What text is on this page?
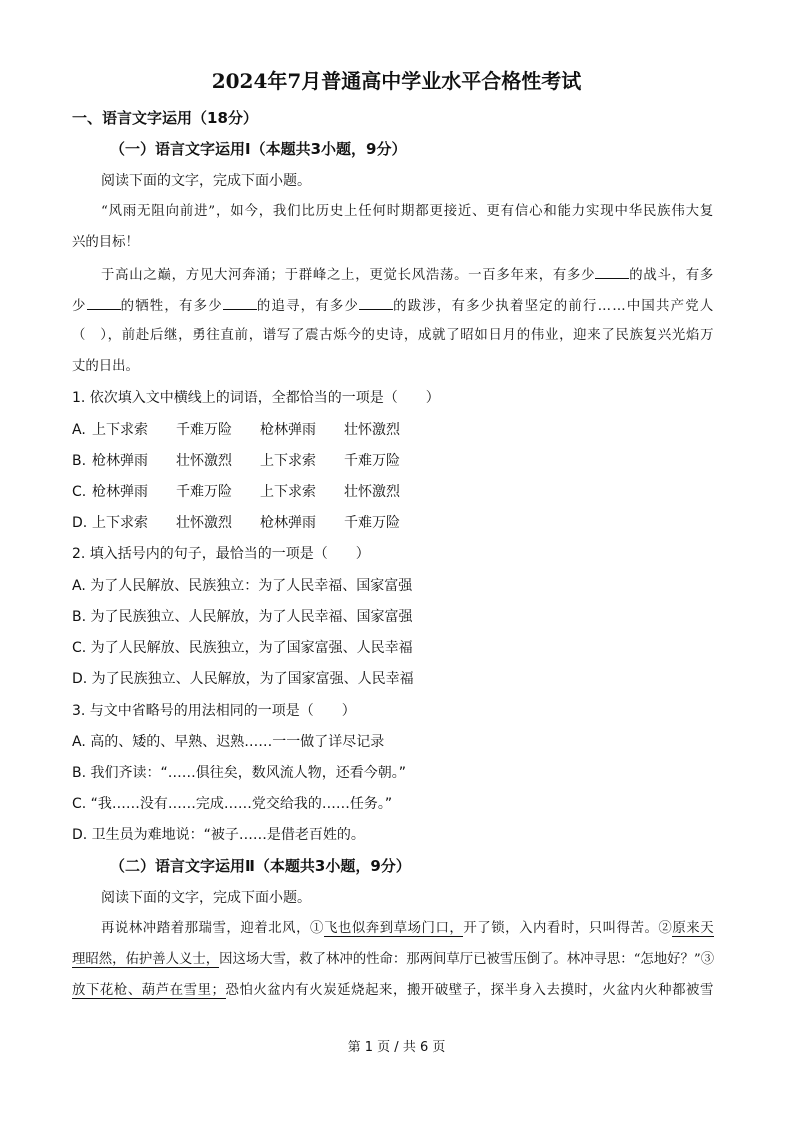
2024年7月普通高中学业水平合格性考试
一、语言文字运用（18分）
（一）语言文字运用Ⅰ（本题共3小题，9分）
阅读下面的文字，完成下面小题。
“风雨无阻向前进”，如今，我们比历史上任何时期都更接近、更有信心和能力实现中华民族伟大复
兴的目标！
于高山之巅，方见大河奔涌；于群峰之上，更觉长风浩荡。一百多年来，有多少	的战斗，有多
少	的牺牲，有多少	的追寻，有多少	的跋涉，有多少执着坚定的前行……中国共产党人
（　），前赴后继，勇往直前，谱写了震古烁今的史诗，成就了昭如日月的伟业，迎来了民族复兴光焰万
丈的日出。
1. 依次填入文中横线上的词语，全都恰当的一项是（　　）
A. 上下求索 千难万险 枪林弹雨 壮怀激烈
B. 枪林弹雨 壮怀激烈 上下求索 千难万险
C. 枪林弹雨 千难万险 上下求索 壮怀激烈
D. 上下求索 壮怀激烈 枪林弹雨 千难万险
2. 填入括号内的句子，最恰当的一项是（　　）
A. 为了人民解放、民族独立：为了人民幸福、国家富强
B. 为了民族独立、人民解放，为了人民幸福、国家富强
C. 为了人民解放、民族独立，为了国家富强、人民幸福
D. 为了民族独立、人民解放，为了国家富强、人民幸福
3. 与文中省略号的用法相同的一项是（　　）
A. 高的、矮的、早熟、迟熟……一一做了详尽记录
B. 我们齐读：“……俱往矣，数风流人物，还看今朝。”
C. “我……没有……完成……党交给我的……任务。”
D. 卫生员为难地说：“被子……是借老百姓的。
（二）语言文字运用Ⅱ（本题共3小题，9分）
阅读下面的文字，完成下面小题。
再说林冲踏着那瑞雪，迎着北风，①飞也似奔到草场门口，开了锁，入内看时，只叫得苦。②原来天
理昭然，佑护善人义士，因这场大雪，救了林冲的性命：那两间草厅已被雪压倒了。林冲寻思：“怎地好？”③
放下花枪、葫芦在雪里；恐怕火盆内有火炭延烧起来，搬开破壁子，探半身入去摸时，火盆内火种都被雪
第 1 页 / 共 6 页
